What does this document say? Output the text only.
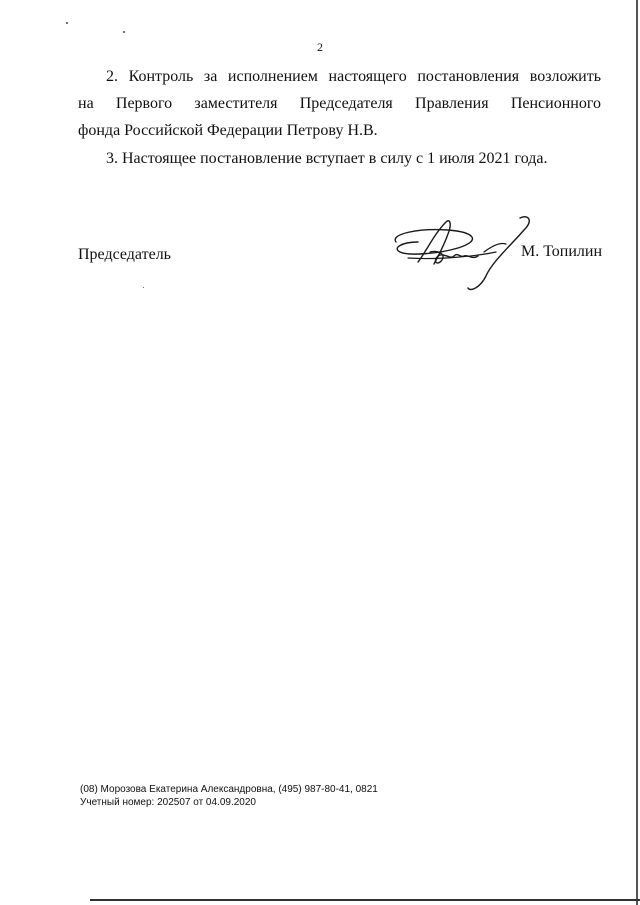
2

2. Контроль за исполнением настоящего постановления возложить

на Первого заместителя Председателя Правления Пенсионного

фонда Российской Федерации Петрову Н.В.

3. Настоящее постановление вступает в силу с 1 июля 2021 года.

Председатель	М. Топилин
(08) Морозова Екатерина Александровна, (495) 987-80-41, 0821
Учетный номер: 202507 от 04.09.2020
